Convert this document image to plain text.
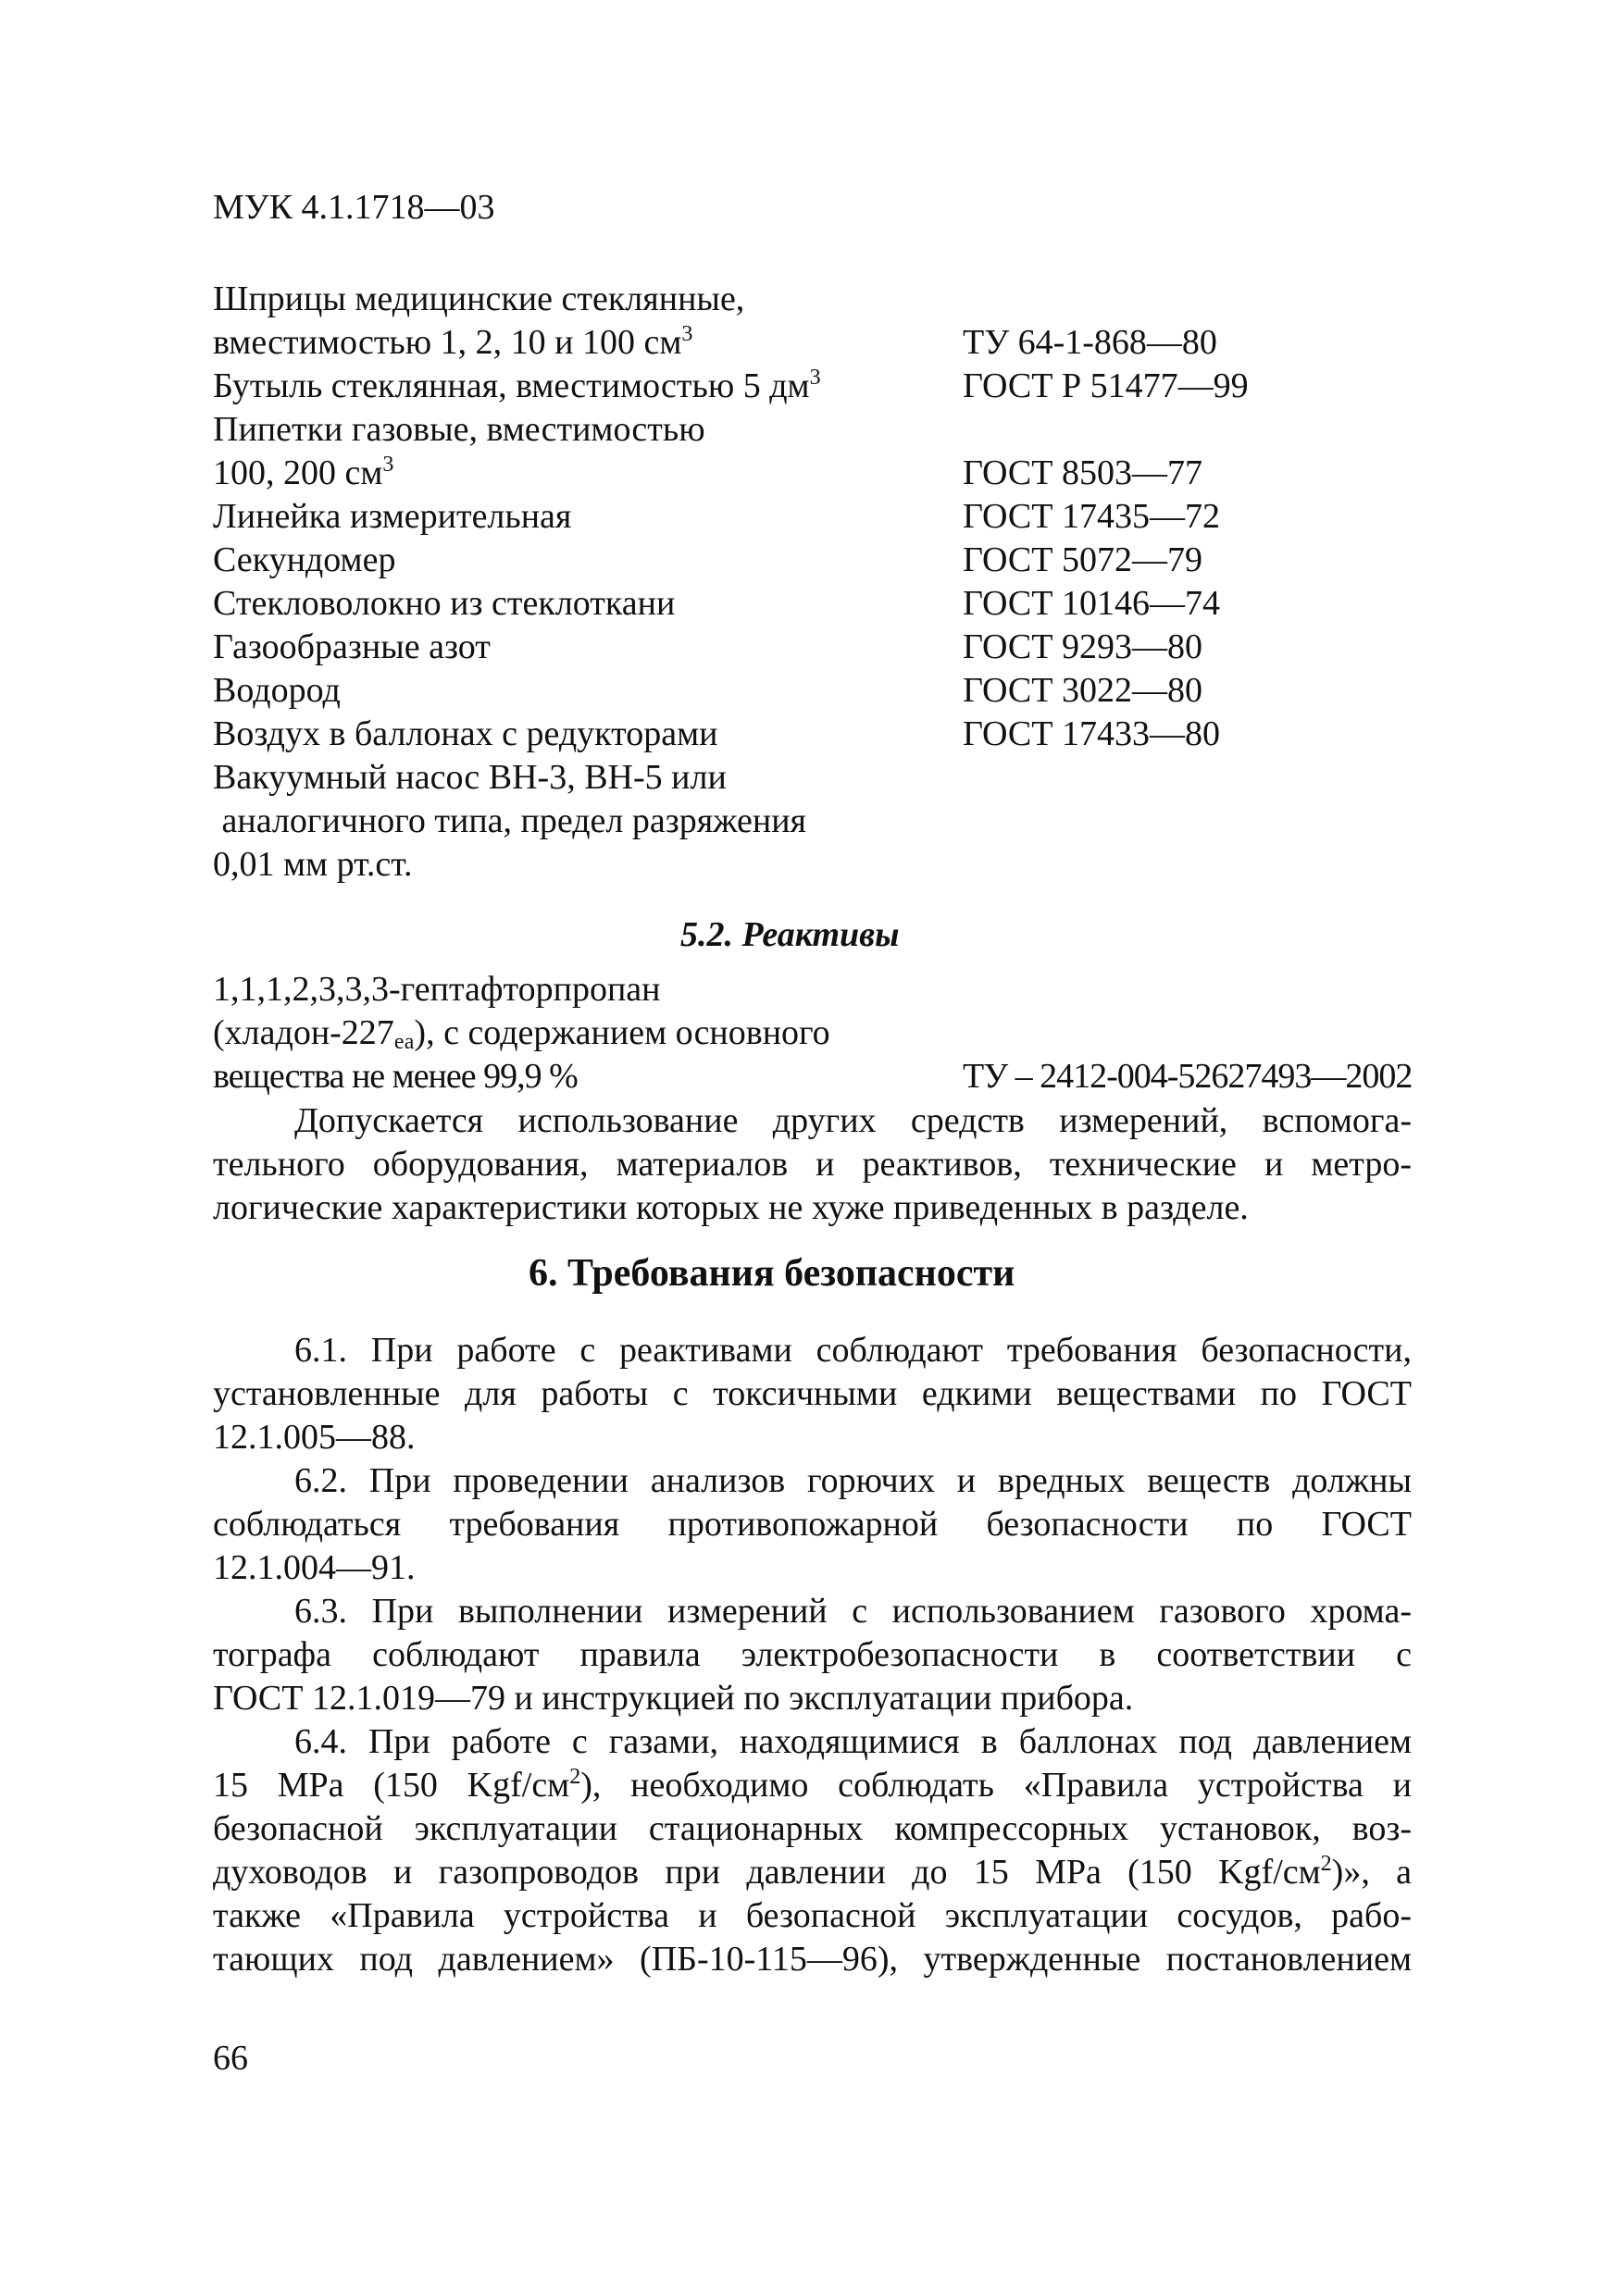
МУК 4.1.1718—03
Шприцы медицинские стеклянные,
вместимостью 1, 2, 10 и 100 $см^3$	ТУ 64-1-868—80
Бутыль стеклянная, вместимостью 5 $дм^3$	ГОСТ Р 51477—99
Пипетки газовые, вместимостью
100, 200 $см^3$	ГОСТ 8503—77
Линейка измерительная	ГОСТ 17435—72
Секундомер	ГОСТ 5072—79
Стекловолокно из стеклоткани	ГОСТ 10146—74
Газообразные азот	ГОСТ 9293—80
Водород	ГОСТ 3022—80
Воздух в баллонах с редукторами	ГОСТ 17433—80
Вакуумный насос ВН-3, ВН-5 или
аналогичного типа, предел разряжения
0,01 мм рт.ст.
5.2. Реактивы
1,1,1,2,3,3,3-гептафторпропан
$(хладон-227_{еа})$, с содержанием основного
вещества не менее 99,9 %	ТУ – 2412-004-52627493—2002
Допускается использование других средств измерений, вспомога-
тельного оборудования, материалов и реактивов, технические и метро-
логические характеристики которых не хуже приведенных в разделе.
6. Требования безопасности
6.1. При работе с реактивами соблюдают требования безопасности,
установленные для работы с токсичными едкими веществами по ГОСТ
12.1.005—88.
6.2. При проведении анализов горючих и вредных веществ должны
соблюдаться требования противопожарной безопасности по ГОСТ
12.1.004—91.
6.3. При выполнении измерений с использованием газового хрома-
тографа соблюдают правила электробезопасности в соответствии с
ГОСТ 12.1.019—79 и инструкцией по эксплуатации прибора.
6.4. При работе с газами, находящимися в баллонах под давлением
15 MPa (150 Kgf/$см^2$), необходимо соблюдать «Правила устройства и
безопасной эксплуатации стационарных компрессорных установок, воз-
духоводов и газопроводов при давлении до 15 MPa (150 Kgf/$см^2$)», а
также «Правила устройства и безопасной эксплуатации сосудов, рабо-
тающих под давлением» (ПБ-10-115—96), утвержденные постановлением
66
